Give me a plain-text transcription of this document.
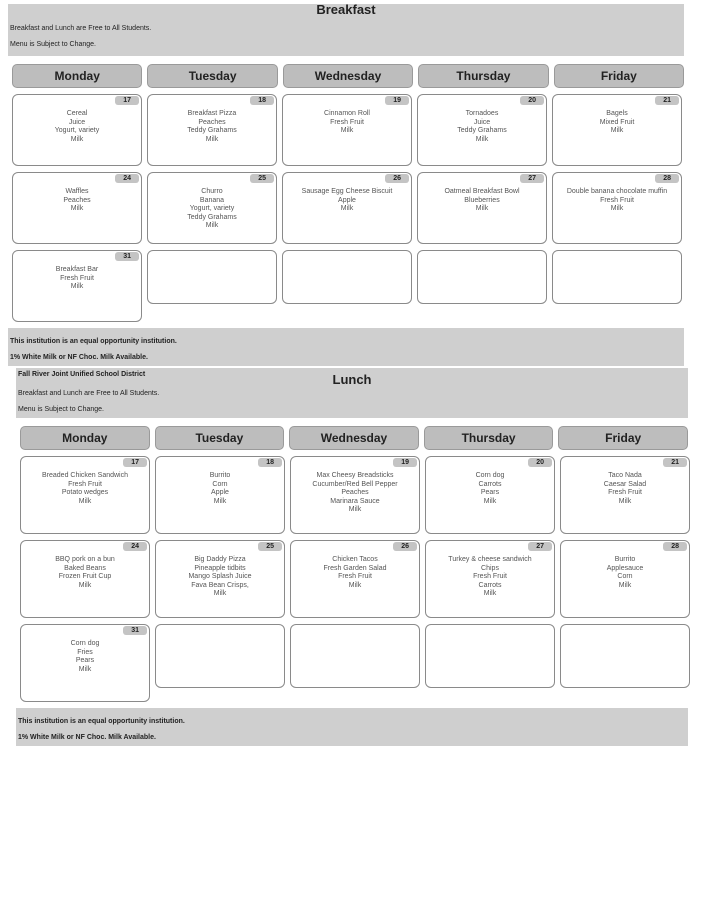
Breakfast
Breakfast and Lunch are Free to All Students.
Menu is Subject to Change.
Monday	Tuesday	Wednesday	Thursday	Friday
17
Cereal
Juice
Yogurt, variety
Milk
18
Breakfast Pizza
Peaches
Teddy Grahams
Milk
19
Cinnamon Roll
Fresh Fruit
Milk
20
Tornadoes
Juice
Teddy Grahams
Milk
21
Bagels
Mixed Fruit
Milk
24
Waffles
Peaches
Milk
25
Churro
Banana
Yogurt, variety
Teddy Grahams
Milk
26
Sausage Egg Cheese Biscuit
Apple
Milk
27
Oatmeal Breakfast Bowl
Blueberries
Milk
28
Double banana chocolate muffin
Fresh Fruit
Milk
31
Breakfast Bar
Fresh Fruit
Milk
This institution is an equal opportunity institution.
1% White Milk or NF Choc. Milk Available.
Fall River Joint Unified School District	Lunch
Breakfast and Lunch are Free to All Students.
Menu is Subject to Change.
Monday	Tuesday	Wednesday	Thursday	Friday
17
Breaded Chicken Sandwich
Fresh Fruit
Potato wedges
Milk
18
Burrito
Corn
Apple
Milk
19
Max Cheesy Breadsticks
Cucumber/Red Bell Pepper
Peaches
Marinara Sauce
Milk
20
Corn dog
Carrots
Pears
Milk
21
Taco Nada
Caesar Salad
Fresh Fruit
Milk
24
BBQ pork on a bun
Baked Beans
Frozen Fruit Cup
Milk
25
Big Daddy Pizza
Pineapple tidbits
Mango Splash Juice
Fava Bean Crisps,
Milk
26
Chicken Tacos
Fresh Garden Salad
Fresh Fruit
Milk
27
Turkey & cheese sandwich
Chips
Fresh Fruit
Carrots
Milk
28
Burrito
Applesauce
Corn
Milk
31
Corn dog
Fries
Pears
Milk
This institution is an equal opportunity institution.
1% White Milk or NF Choc. Milk Available.
